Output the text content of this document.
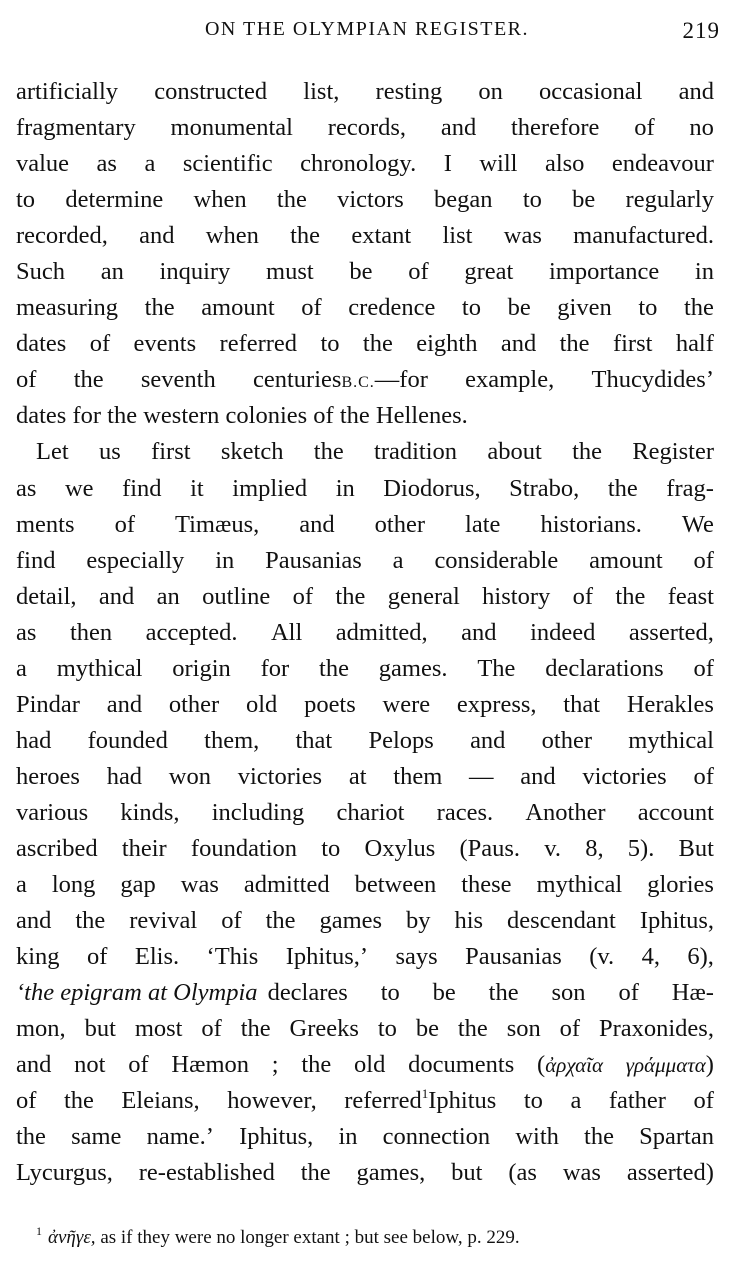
ON THE OLYMPIAN REGISTER.	219
artificially constructed list, resting on occasional and
fragmentary monumental records, and therefore of no
value as a scientific chronology. I will also endeavour
to determine when the victors began to be regularly
recorded, and when the extant list was manufactured.
Such an inquiry must be of great importance in
measuring the amount of credence to be given to the
dates of events referred to the eighth and the first half
of the seventh centuriesB.C.—for example, Thucydides’
dates for the western colonies of the Hellenes.
Let us first sketch the tradition about the Register
as we find it implied in Diodorus, Strabo, the frag-
ments of Timæus, and other late historians. We
find especially in Pausanias a considerable amount of
detail, and an outline of the general history of the feast
as then accepted. All admitted, and indeed asserted,
a mythical origin for the games. The declarations of
Pindar and other old poets were express, that Herakles
had founded them, that Pelops and other mythical
heroes had won victories at them — and victories of
various kinds, including chariot races. Another account
ascribed their foundation to Oxylus (Paus. v. 8, 5). But
a long gap was admitted between these mythical glories
and the revival of the games by his descendant Iphitus,
king of Elis. ‘This Iphitus,’ says Pausanias (v. 4, 6),
‘the epigram at Olympia declares to be the son of Hæ-
mon, but most of the Greeks to be the son of Praxonides,
and not of Hæmon ; the old documents (ἀρχαῖα γράμματα)
of the Eleians, however, referred$^1$Iphitus to a father of
the same name.’ Iphitus, in connection with the Spartan
Lycurgus, re-established the games, but (as was asserted)
$^1$ ἀνῆγε, as if they were no longer extant ; but see below, p. 229.
